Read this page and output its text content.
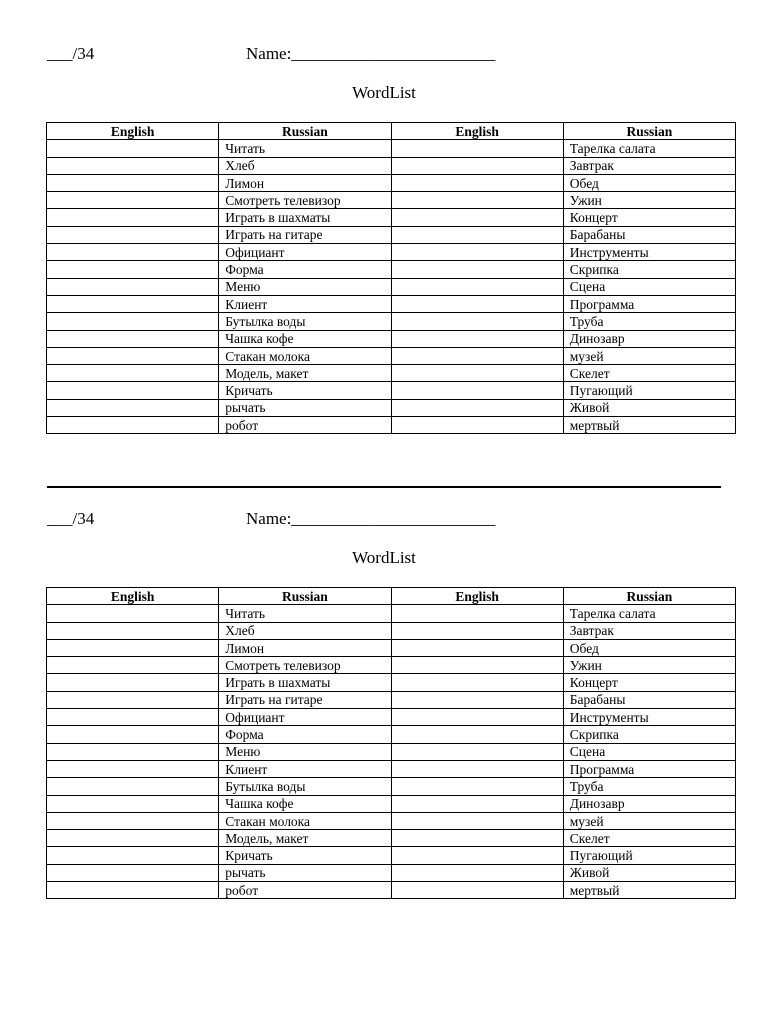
___/34	Name:________________________
WordList
English	Russian	English	Russian
	Читать		Тарелка салата
	Хлеб		Завтрак
	Лимон		Обед
	Смотреть телевизор		Ужин
	Играть в шахматы		Концерт
	Играть на гитаре		Барабаны
	Официант		Инструменты
	Форма		Скрипка
	Меню		Сцена
	Клиент		Программа
	Бутылка воды		Труба
	Чашка кофе		Динозавр
	Стакан молока		музей
	Модель, макет		Скелет
	Кричать		Пугающий
	рычать		Живой
	робот		мертвый
___/34	Name:________________________
WordList
English	Russian	English	Russian
	Читать		Тарелка салата
	Хлеб		Завтрак
	Лимон		Обед
	Смотреть телевизор		Ужин
	Играть в шахматы		Концерт
	Играть на гитаре		Барабаны
	Официант		Инструменты
	Форма		Скрипка
	Меню		Сцена
	Клиент		Программа
	Бутылка воды		Труба
	Чашка кофе		Динозавр
	Стакан молока		музей
	Модель, макет		Скелет
	Кричать		Пугающий
	рычать		Живой
	робот		мертвый
